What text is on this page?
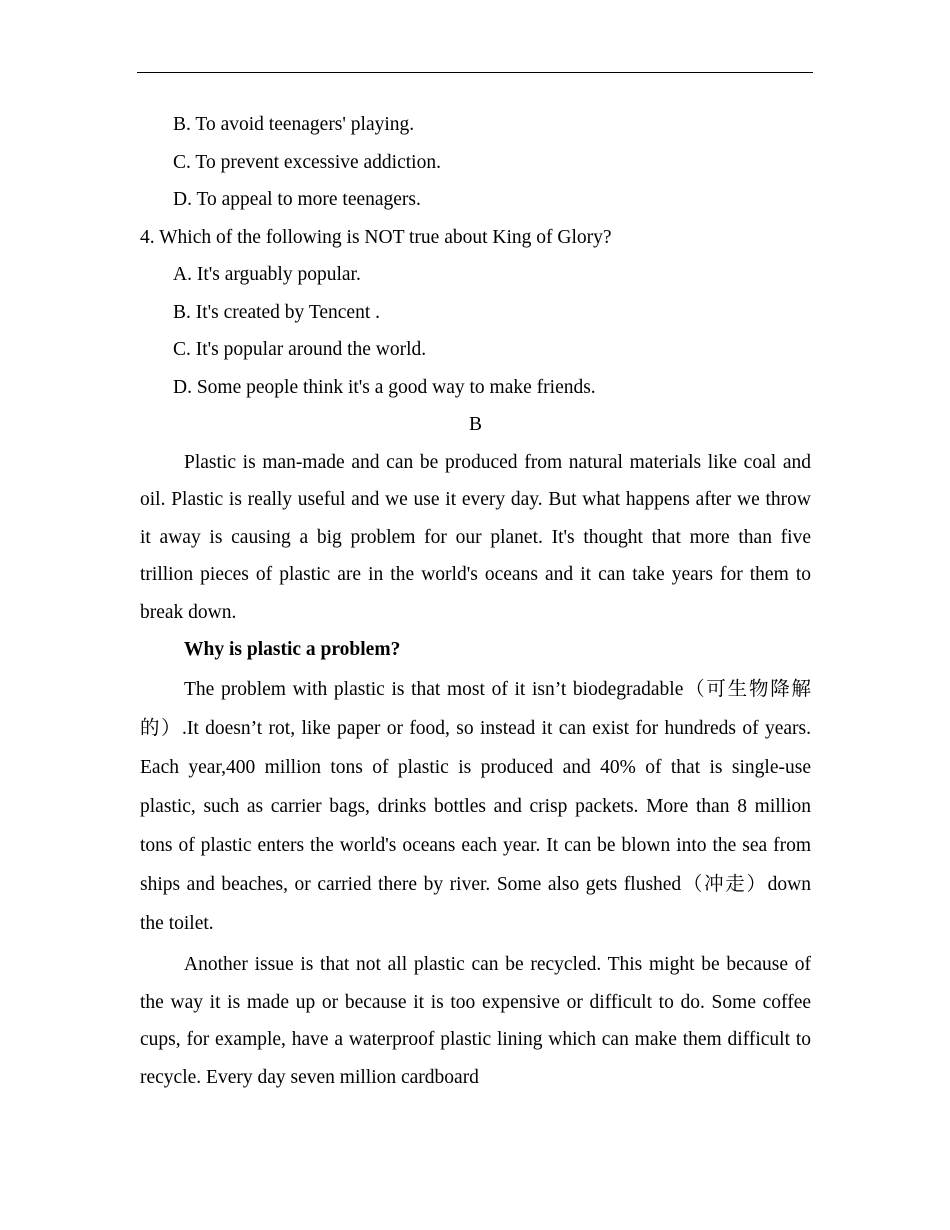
B. To avoid teenagers' playing.

C. To prevent excessive addiction.

D. To appeal to more teenagers.

4. Which of the following is NOT true about King of Glory?

A. It's arguably popular.

B. It's created by Tencent .

C. It's popular around the world.

D. Some people think it's a good way to make friends.

B

Plastic is man-made and can be produced from natural materials like coal and oil. Plastic is really useful and we use it every day. But what happens after we throw it away is causing a big problem for our planet. It's thought that more than five trillion pieces of plastic are in the world's oceans and it can take years for them to break down.

Why is plastic a problem?

The problem with plastic is that most of it isn’t biodegradable（可生物降解的）.It doesn’t rot, like paper or food, so instead it can exist for hundreds of years. Each year,400 million tons of plastic is produced and 40% of that is single-use plastic, such as carrier bags, drinks bottles and crisp packets. More than 8 million tons of plastic enters the world's oceans each year. It can be blown into the sea from ships and beaches, or carried there by river. Some also gets flushed（冲走）down the toilet.

Another issue is that not all plastic can be recycled. This might be because of the way it is made up or because it is too expensive or difficult to do. Some coffee cups, for example, have a waterproof plastic lining which can make them difficult to recycle. Every day seven million cardboard
